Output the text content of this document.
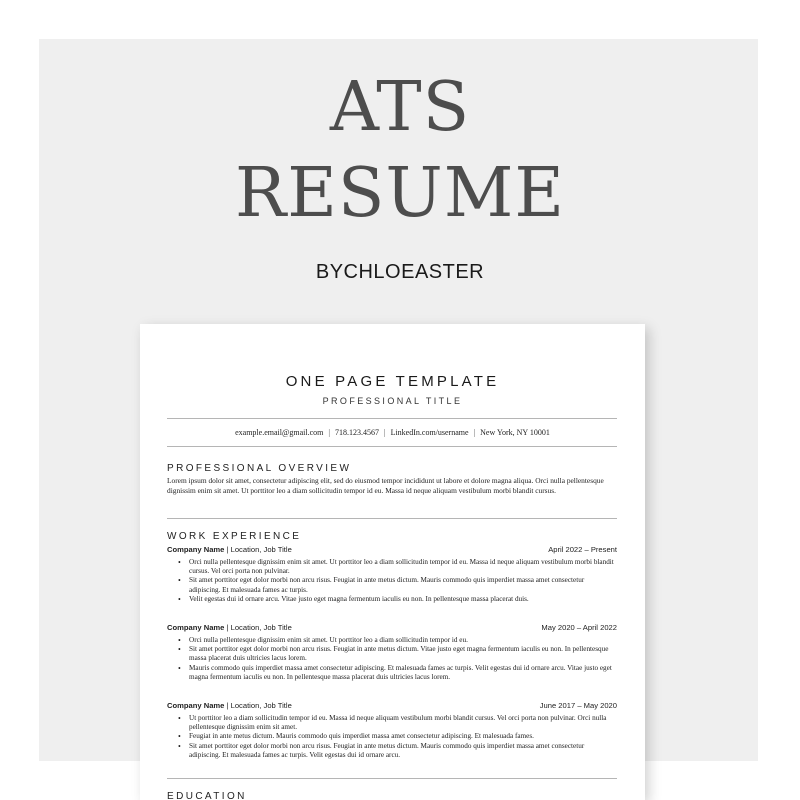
ATS
RESUME
BYCHLOEASTER
ONE PAGE TEMPLATE
PROFESSIONAL TITLE
example.email@gmail.com | 718.123.4567 | LinkedIn.com/username | New York, NY 10001
PROFESSIONAL OVERVIEW
Lorem ipsum dolor sit amet, consectetur adipiscing elit, sed do eiusmod tempor incididunt ut labore et dolore magna aliqua. Orci nulla pellentesque dignissim enim sit amet. Ut porttitor leo a diam sollicitudin tempor id eu. Massa id neque aliquam vestibulum morbi blandit cursus.
WORK EXPERIENCE
Company Name | Location, Job Title	April 2022 – Present
• Orci nulla pellentesque dignissim enim sit amet. Ut porttitor leo a diam sollicitudin tempor id eu. Massa id neque aliquam vestibulum morbi blandit cursus. Vel orci porta non pulvinar.
• Sit amet porttitor eget dolor morbi non arcu risus. Feugiat in ante metus dictum. Mauris commodo quis imperdiet massa amet consectetur adipiscing. Et malesuada fames ac turpis.
• Velit egestas dui id ornare arcu. Vitae justo eget magna fermentum iaculis eu non. In pellentesque massa placerat duis.
Company Name | Location, Job Title	May 2020 – April 2022
• Orci nulla pellentesque dignissim enim sit amet. Ut porttitor leo a diam sollicitudin tempor id eu.
• Sit amet porttitor eget dolor morbi non arcu risus. Feugiat in ante metus dictum. Vitae justo eget magna fermentum iaculis eu non. In pellentesque massa placerat duis ultricies lacus lorem.
• Mauris commodo quis imperdiet massa amet consectetur adipiscing. Et malesuada fames ac turpis. Velit egestas dui id ornare arcu. Vitae justo eget magna fermentum iaculis eu non. In pellentesque massa placerat duis ultricies lacus lorem.
Company Name | Location, Job Title	June 2017 – May 2020
• Ut porttitor leo a diam sollicitudin tempor id eu. Massa id neque aliquam vestibulum morbi blandit cursus. Vel orci porta non pulvinar. Orci nulla pellentesque dignissim enim sit amet.
• Feugiat in ante metus dictum. Mauris commodo quis imperdiet massa amet consectetur adipiscing. Et malesuada fames.
• Sit amet porttitor eget dolor morbi non arcu risus. Feugiat in ante metus dictum. Mauris commodo quis imperdiet massa amet consectetur adipiscing. Et malesuada fames ac turpis. Velit egestas dui id ornare arcu.
EDUCATION
